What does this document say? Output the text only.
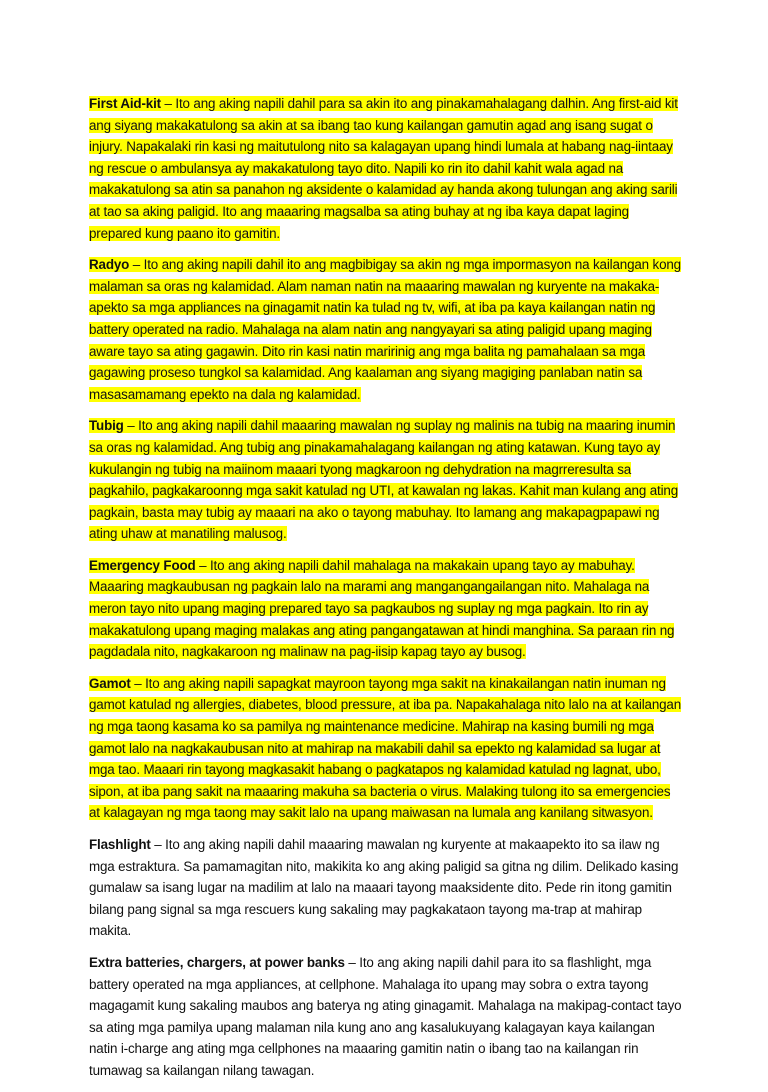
First Aid-kit – Ito ang aking napili dahil para sa akin ito ang pinakamahalagang dalhin. Ang first-aid kit ang siyang makakatulong sa akin at sa ibang tao kung kailangan gamutin agad ang isang sugat o injury. Napakalaki rin kasi ng maitutulong nito sa kalagayan upang hindi lumala at habang nag-iintaay ng rescue o ambulansya ay makakatulong tayo dito. Napili ko rin ito dahil kahit wala agad na makakatulong sa atin sa panahon ng aksidente o kalamidad ay handa akong tulungan ang aking sarili at tao sa aking paligid. Ito ang maaaring magsalba sa ating buhay at ng iba kaya dapat laging prepared kung paano ito gamitin.

Radyo – Ito ang aking napili dahil ito ang magbibigay sa akin ng mga impormasyon na kailangan kong malaman sa oras ng kalamidad. Alam naman natin na maaaring mawalan ng kuryente na makaka-apekto sa mga appliances na ginagamit natin ka tulad ng tv, wifi, at iba pa kaya kailangan natin ng battery operated na radio. Mahalaga na alam natin ang nangyayari sa ating paligid upang maging aware tayo sa ating gagawin. Dito rin kasi natin maririnig ang mga balita ng pamahalaan sa mga gagawing proseso tungkol sa kalamidad. Ang kaalaman ang siyang magiging panlaban natin sa masasamamang epekto na dala ng kalamidad.

Tubig – Ito ang aking napili dahil maaaring mawalan ng suplay ng malinis na tubig na maaring inumin sa oras ng kalamidad. Ang tubig ang pinakamahalagang kailangan ng ating katawan. Kung tayo ay kukulangin ng tubig na maiinom maaari tyong magkaroon ng dehydration na magrreresulta sa pagkahilo, pagkakaroonng mga sakit katulad ng UTI, at kawalan ng lakas. Kahit man kulang ang ating pagkain, basta may tubig ay maaari na ako o tayong mabuhay. Ito lamang ang makapagpapawi ng ating uhaw at manatiling malusog.

Emergency Food – Ito ang aking napili dahil mahalaga na makakain upang tayo ay mabuhay. Maaaring magkaubusan ng pagkain lalo na marami ang mangangangailangan nito. Mahalaga na meron tayo nito upang maging prepared tayo sa pagkaubos ng suplay ng mga pagkain. Ito rin ay makakatulong upang maging malakas ang ating pangangatawan at hindi manghina. Sa paraan rin ng pagdadala nito, nagkakaroon ng malinaw na pag-iisip kapag tayo ay busog.

Gamot – Ito ang aking napili sapagkat mayroon tayong mga sakit na kinakailangan natin inuman ng gamot katulad ng allergies, diabetes, blood pressure, at iba pa. Napakahalaga nito lalo na at kailangan ng mga taong kasama ko sa pamilya ng maintenance medicine. Mahirap na kasing bumili ng mga gamot lalo na nagkakaubusan nito at mahirap na makabili dahil sa epekto ng kalamidad sa lugar at mga tao. Maaari rin tayong magkasakit habang o pagkatapos ng kalamidad katulad ng lagnat, ubo, sipon, at iba pang sakit na maaaring makuha sa bacteria o virus. Malaking tulong ito sa emergencies at kalagayan ng mga taong may sakit lalo na upang maiwasan na lumala ang kanilang sitwasyon.

Flashlight – Ito ang aking napili dahil maaaring mawalan ng kuryente at makaapekto ito sa ilaw ng mga estraktura. Sa pamamagitan nito, makikita ko ang aking paligid sa gitna ng dilim. Delikado kasing gumalaw sa isang lugar na madilim at lalo na maaari tayong maaksidente dito. Pede rin itong gamitin bilang pang signal sa mga rescuers kung sakaling may pagkakataon tayong ma-trap at mahirap makita.

Extra batteries, chargers, at power banks – Ito ang aking napili dahil para ito sa flashlight, mga battery operated na mga appliances, at cellphone. Mahalaga ito upang may sobra o extra tayong magagamit kung sakaling maubos ang baterya ng ating ginagamit. Mahalaga na makipag-contact tayo sa ating mga pamilya upang malaman nila kung ano ang kasalukuyang kalagayan kaya kailangan natin i-charge ang ating mga cellphones na maaaring gamitin natin o ibang tao na kailangan rin tumawag sa kailangan nilang tawagan.
